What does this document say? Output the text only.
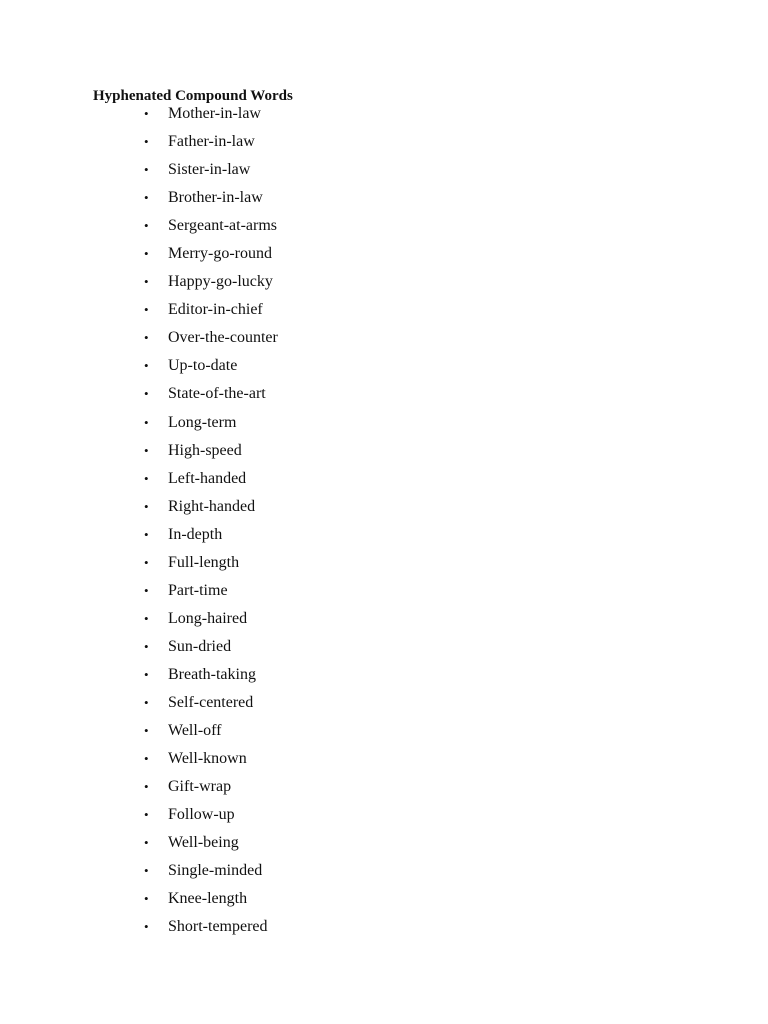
Hyphenated Compound Words
• Mother-in-law
• Father-in-law
• Sister-in-law
• Brother-in-law
• Sergeant-at-arms
• Merry-go-round
• Happy-go-lucky
• Editor-in-chief
• Over-the-counter
• Up-to-date
• State-of-the-art
• Long-term
• High-speed
• Left-handed
• Right-handed
• In-depth
• Full-length
• Part-time
• Long-haired
• Sun-dried
• Breath-taking
• Self-centered
• Well-off
• Well-known
• Gift-wrap
• Follow-up
• Well-being
• Single-minded
• Knee-length
• Short-tempered
